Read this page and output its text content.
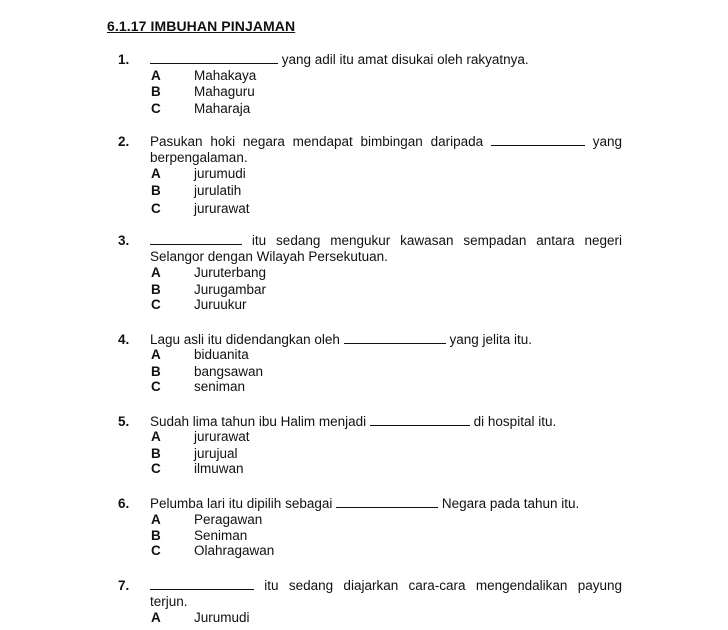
6.1.17 IMBUHAN PINJAMAN
1.	yang adil itu amat disukai oleh rakyatnya.
A Mahakaya
B Mahaguru
C Maharaja
2. Pasukan hoki negara mendapat bimbingan daripada	yang berpengalaman.
A jurumudi
B jurulatih
C jururawat
3.	itu sedang mengukur kawasan sempadan antara negeri Selangor dengan Wilayah Persekutuan.
A Juruterbang
B Jurugambar
C Juruukur
4. Lagu asli itu didendangkan oleh	yang jelita itu.
A biduanita
B bangsawan
C seniman
5. Sudah lima tahun ibu Halim menjadi	di hospital itu.
A jururawat
B jurujual
C ilmuwan
6. Pelumba lari itu dipilih sebagai	Negara pada tahun itu.
A Peragawan
B Seniman
C Olahragawan
7.	itu sedang diajarkan cara-cara mengendalikan payung terjun.
A Jurumudi
